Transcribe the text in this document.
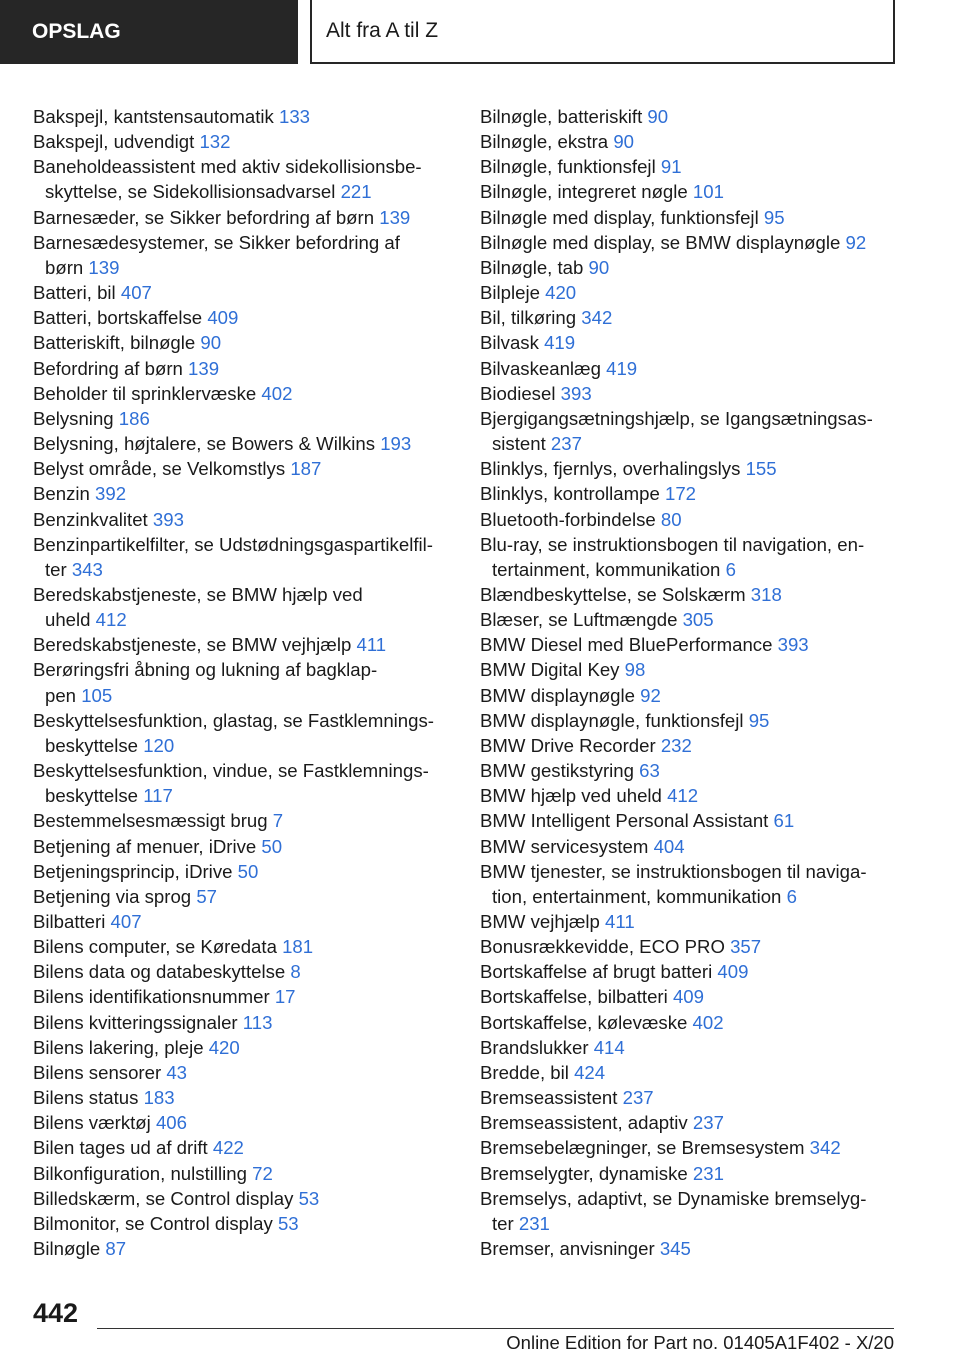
OPSLAG	Alt fra A til Z
Bakspejl, kantstensautomatik 133
Bakspejl, udvendigt 132
Baneholdeassistent med aktiv sidekollisionsbe-
skyttelse, se Sidekollisionsadvarsel 221
Barnesæder, se Sikker befordring af børn 139
Barnesædesystemer, se Sikker befordring af
børn 139
Batteri, bil 407
Batteri, bortskaffelse 409
Batteriskift, bilnøgle 90
Befordring af børn 139
Beholder til sprinklervæske 402
Belysning 186
Belysning, højtalere, se Bowers & Wilkins 193
Belyst område, se Velkomstlys 187
Benzin 392
Benzinkvalitet 393
Benzinpartikelfilter, se Udstødningsgaspartikelfil-
ter 343
Beredskabstjeneste, se BMW hjælp ved
uheld 412
Beredskabstjeneste, se BMW vejhjælp 411
Berøringsfri åbning og lukning af bagklap-
pen 105
Beskyttelsesfunktion, glastag, se Fastklemnings-
beskyttelse 120
Beskyttelsesfunktion, vindue, se Fastklemnings-
beskyttelse 117
Bestemmelsesmæssigt brug 7
Betjening af menuer, iDrive 50
Betjeningsprincip, iDrive 50
Betjening via sprog 57
Bilbatteri 407
Bilens computer, se Køredata 181
Bilens data og databeskyttelse 8
Bilens identifikationsnummer 17
Bilens kvitteringssignaler 113
Bilens lakering, pleje 420
Bilens sensorer 43
Bilens status 183
Bilens værktøj 406
Bilen tages ud af drift 422
Bilkonfiguration, nulstilling 72
Billedskærm, se Control display 53
Bilmonitor, se Control display 53
Bilnøgle 87
Bilnøgle, batteriskift 90
Bilnøgle, ekstra 90
Bilnøgle, funktionsfejl 91
Bilnøgle, integreret nøgle 101
Bilnøgle med display, funktionsfejl 95
Bilnøgle med display, se BMW displaynøgle 92
Bilnøgle, tab 90
Bilpleje 420
Bil, tilkøring 342
Bilvask 419
Bilvaskeanlæg 419
Biodiesel 393
Bjergigangsætningshjælp, se Igangsætningsas-
sistent 237
Blinklys, fjernlys, overhalingslys 155
Blinklys, kontrollampe 172
Bluetooth-forbindelse 80
Blu-ray, se instruktionsbogen til navigation, en-
tertainment, kommunikation 6
Blændbeskyttelse, se Solskærm 318
Blæser, se Luftmængde 305
BMW Diesel med BluePerformance 393
BMW Digital Key 98
BMW displaynøgle 92
BMW displaynøgle, funktionsfejl 95
BMW Drive Recorder 232
BMW gestikstyring 63
BMW hjælp ved uheld 412
BMW Intelligent Personal Assistant 61
BMW servicesystem 404
BMW tjenester, se instruktionsbogen til naviga-
tion, entertainment, kommunikation 6
BMW vejhjælp 411
Bonusrækkevidde, ECO PRO 357
Bortskaffelse af brugt batteri 409
Bortskaffelse, bilbatteri 409
Bortskaffelse, kølevæske 402
Brandslukker 414
Bredde, bil 424
Bremseassistent 237
Bremseassistent, adaptiv 237
Bremsebelægninger, se Bremsesystem 342
Bremselygter, dynamiske 231
Bremselys, adaptivt, se Dynamiske bremselyg-
ter 231
Bremser, anvisninger 345
442
Online Edition for Part no. 01405A1F402 - X/20
